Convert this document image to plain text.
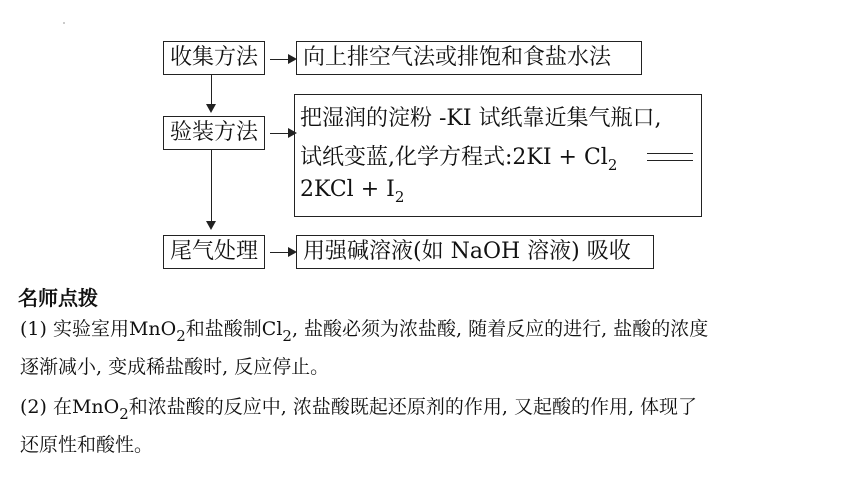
收集方法 向上排空气法或排饱和食盐水法
验装方法
把湿润的淀粉 -KI 试纸靠近集气瓶口,
试纸变蓝,化学方程式:2KI + $Cl_2$
$2KCl + I_2$
尾气处理 用强碱溶液(如 NaOH 溶液) 吸收
名师点拨
(1) 实验室用MnO$_2$和盐酸制$Cl_2$, 盐酸必须为浓盐酸, 随着反应的进行, 盐酸的浓度
逐渐减小, 变成稀盐酸时, 反应停止。
(2) 在MnO$_2$和浓盐酸的反应中, 浓盐酸既起还原剂的作用, 又起酸的作用, 体现了
还原性和酸性。
